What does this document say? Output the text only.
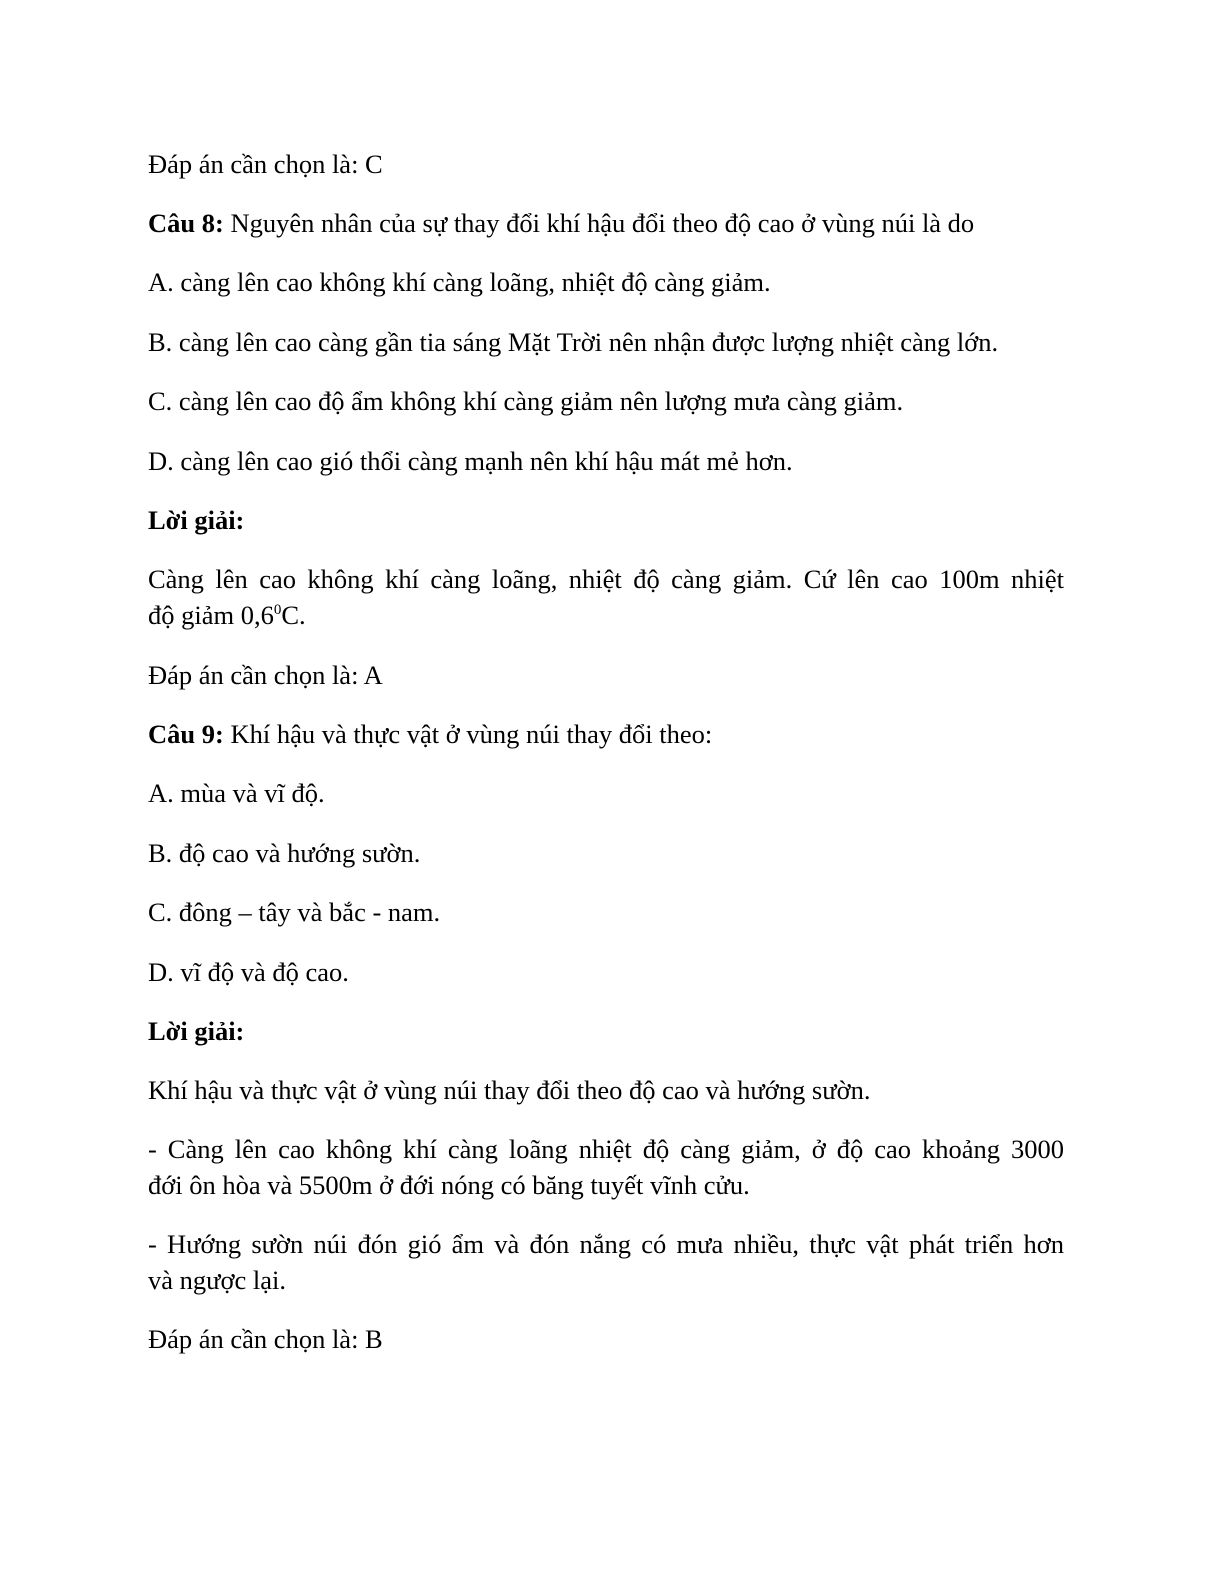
Đáp án cần chọn là: C
Câu 8: Nguyên nhân của sự thay đổi khí hậu đổi theo độ cao ở vùng núi là do
A. càng lên cao không khí càng loãng, nhiệt độ càng giảm.
B. càng lên cao càng gần tia sáng Mặt Trời nên nhận được lượng nhiệt càng lớn.
C. càng lên cao độ ẩm không khí càng giảm nên lượng mưa càng giảm.
D. càng lên cao gió thổi càng mạnh nên khí hậu mát mẻ hơn.
Lời giải:
Càng lên cao không khí càng loãng, nhiệt độ càng giảm. Cứ lên cao 100m nhiệt
độ giảm $0,6^0C$.
Đáp án cần chọn là: A
Câu 9: Khí hậu và thực vật ở vùng núi thay đổi theo:
A. mùa và vĩ độ.
B. độ cao và hướng sườn.
C. đông – tây và bắc - nam.
D. vĩ độ và độ cao.
Lời giải:
Khí hậu và thực vật ở vùng núi thay đổi theo độ cao và hướng sườn.
- Càng lên cao không khí càng loãng nhiệt độ càng giảm, ở độ cao khoảng 3000
đới ôn hòa và 5500m ở đới nóng có băng tuyết vĩnh cửu.
- Hướng sườn núi đón gió ẩm và đón nắng có mưa nhiều, thực vật phát triển hơn
và ngược lại.
Đáp án cần chọn là: B
